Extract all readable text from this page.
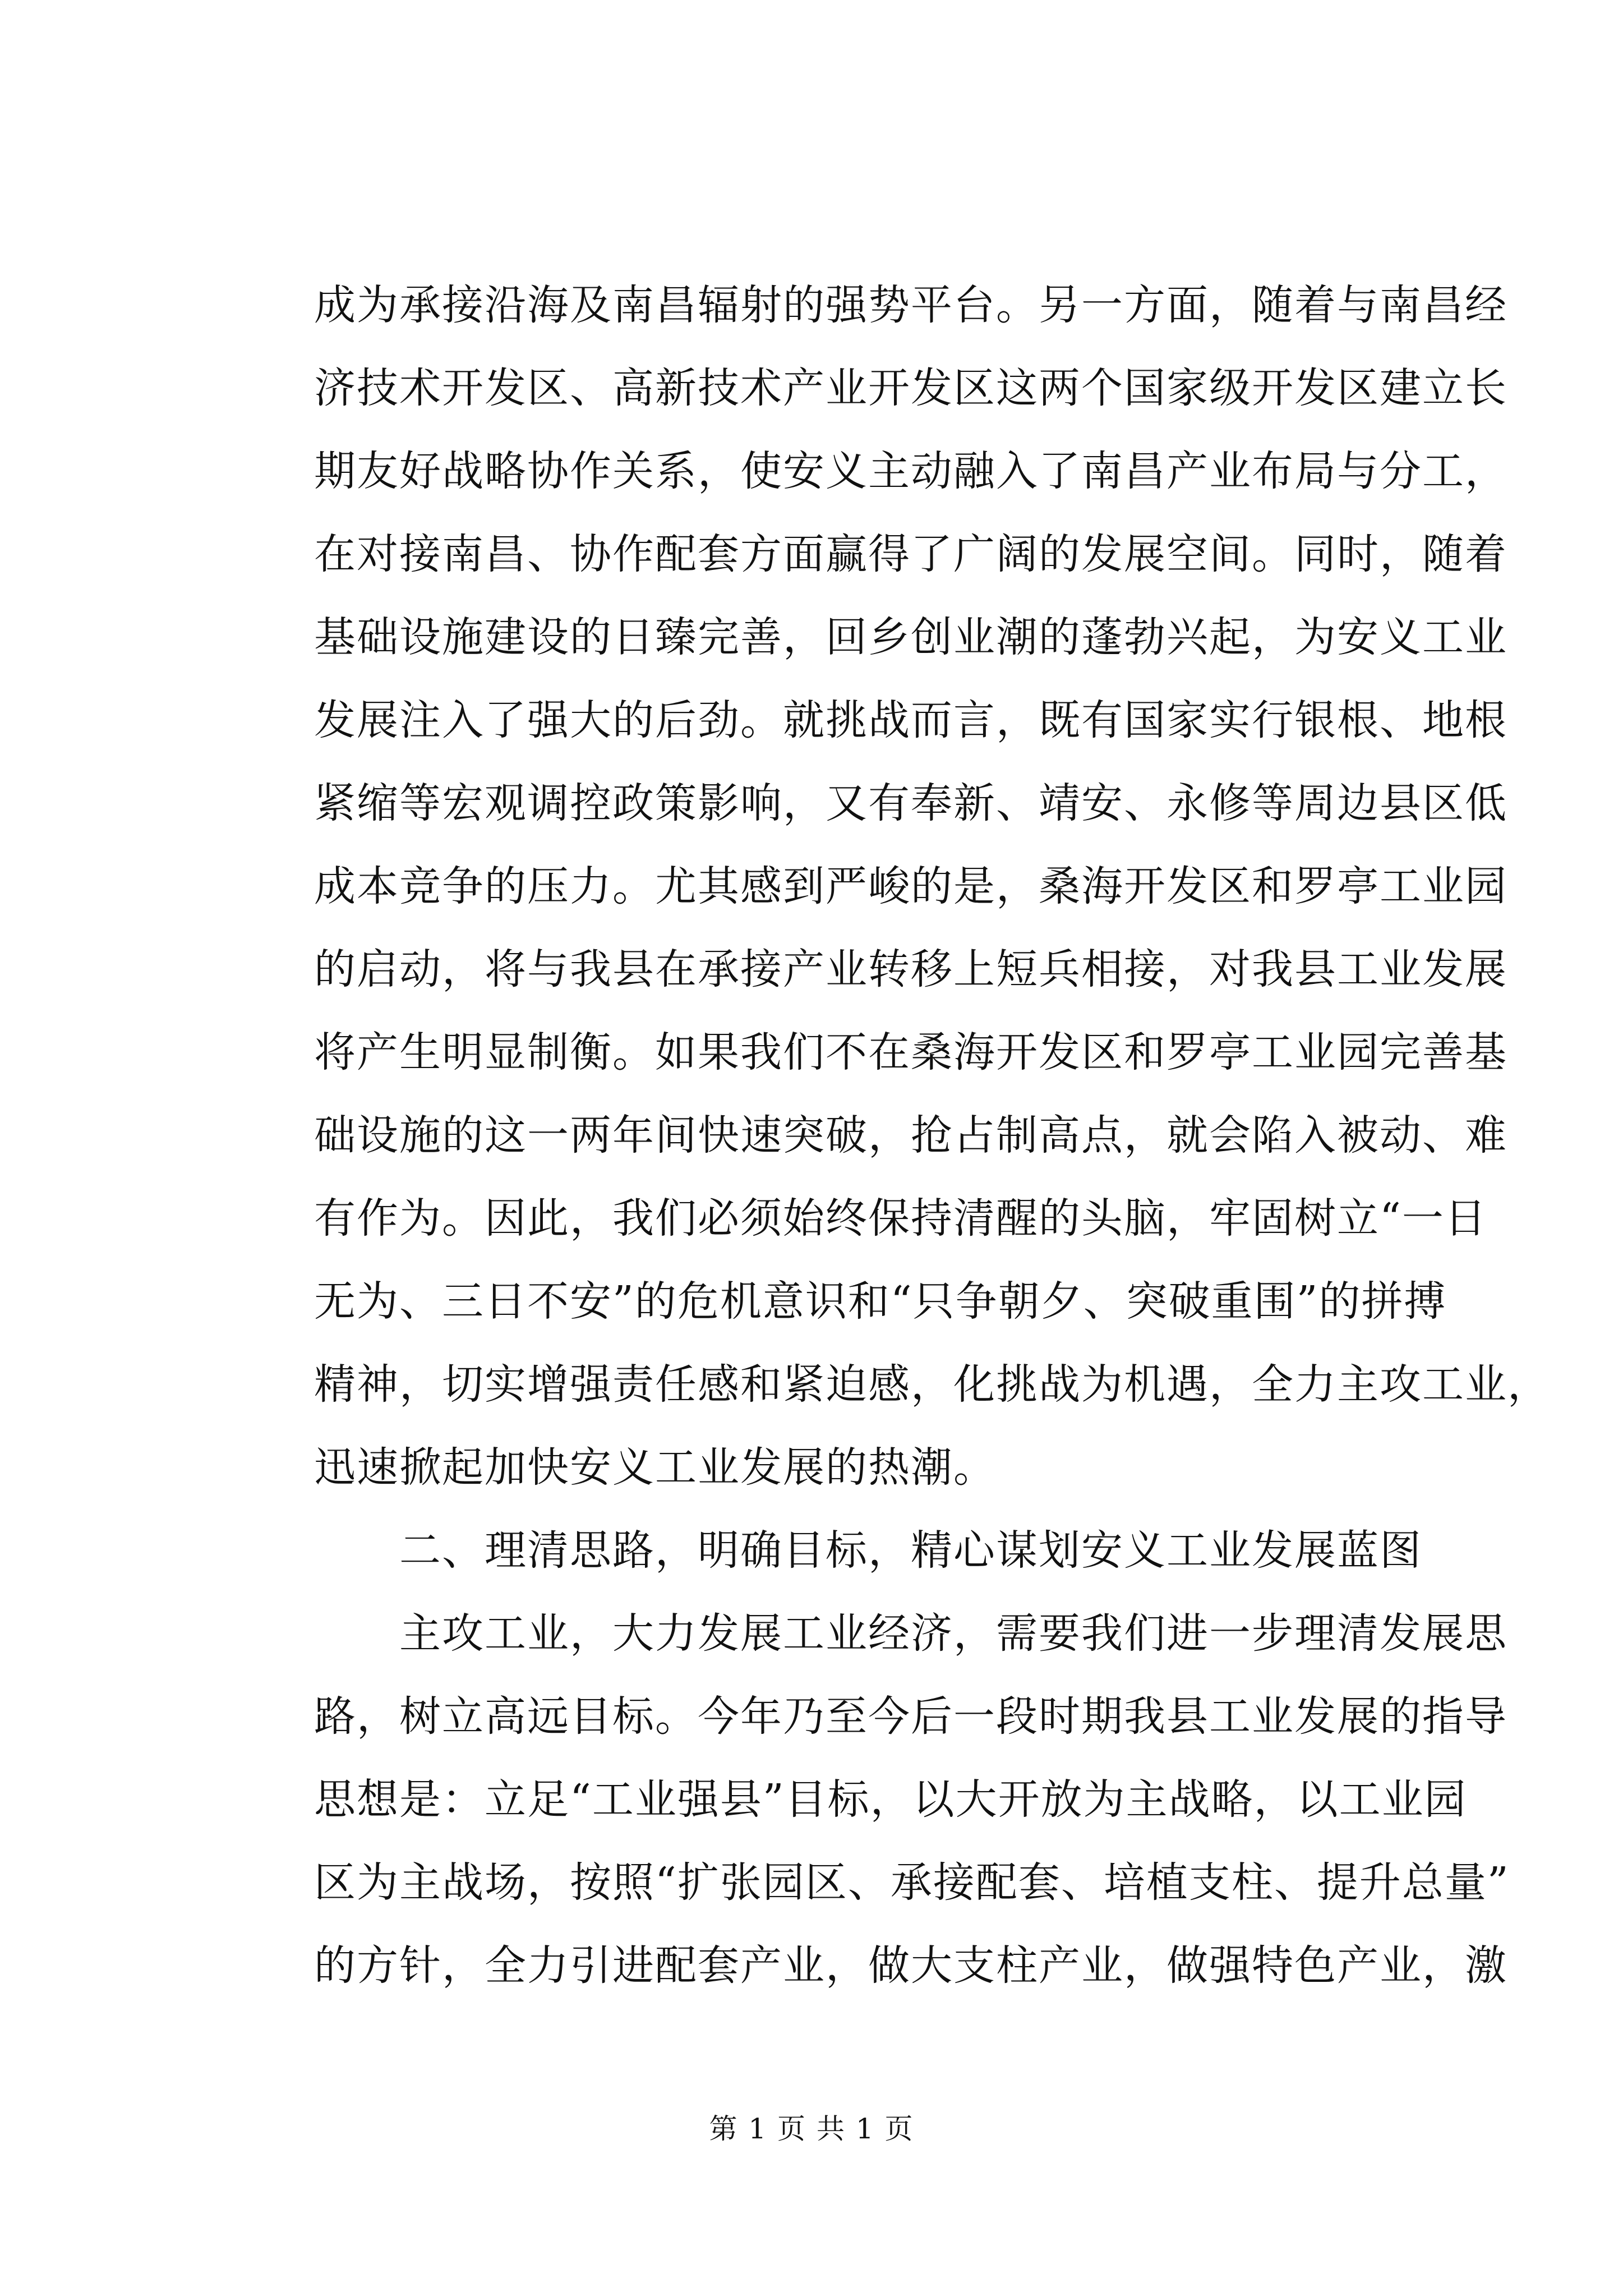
成为承接沿海及南昌辐射的强势平台。另一方面，随着与南昌经
济技术开发区、高新技术产业开发区这两个国家级开发区建立长
期友好战略协作关系，使安义主动融入了南昌产业布局与分工，
在对接南昌、协作配套方面赢得了广阔的发展空间。同时，随着
基础设施建设的日臻完善，回乡创业潮的蓬勃兴起，为安义工业
发展注入了强大的后劲。就挑战而言，既有国家实行银根、地根
紧缩等宏观调控政策影响，又有奉新、靖安、永修等周边县区低
成本竞争的压力。尤其感到严峻的是，桑海开发区和罗亭工业园
的启动，将与我县在承接产业转移上短兵相接，对我县工业发展
将产生明显制衡。如果我们不在桑海开发区和罗亭工业园完善基
础设施的这一两年间快速突破，抢占制高点，就会陷入被动、难
有作为。因此，我们必须始终保持清醒的头脑，牢固树立“一日
无为、三日不安”的危机意识和“只争朝夕、突破重围”的拼搏
精神，切实增强责任感和紧迫感，化挑战为机遇，全力主攻工业，
迅速掀起加快安义工业发展的热潮。
　　二、理清思路，明确目标，精心谋划安义工业发展蓝图
　　主攻工业，大力发展工业经济，需要我们进一步理清发展思
路，树立高远目标。今年乃至今后一段时期我县工业发展的指导
思想是：立足“工业强县”目标，以大开放为主战略，以工业园
区为主战场，按照“扩张园区、承接配套、培植支柱、提升总量”
的方针，全力引进配套产业，做大支柱产业，做强特色产业，激
第 1 页 共 1 页
